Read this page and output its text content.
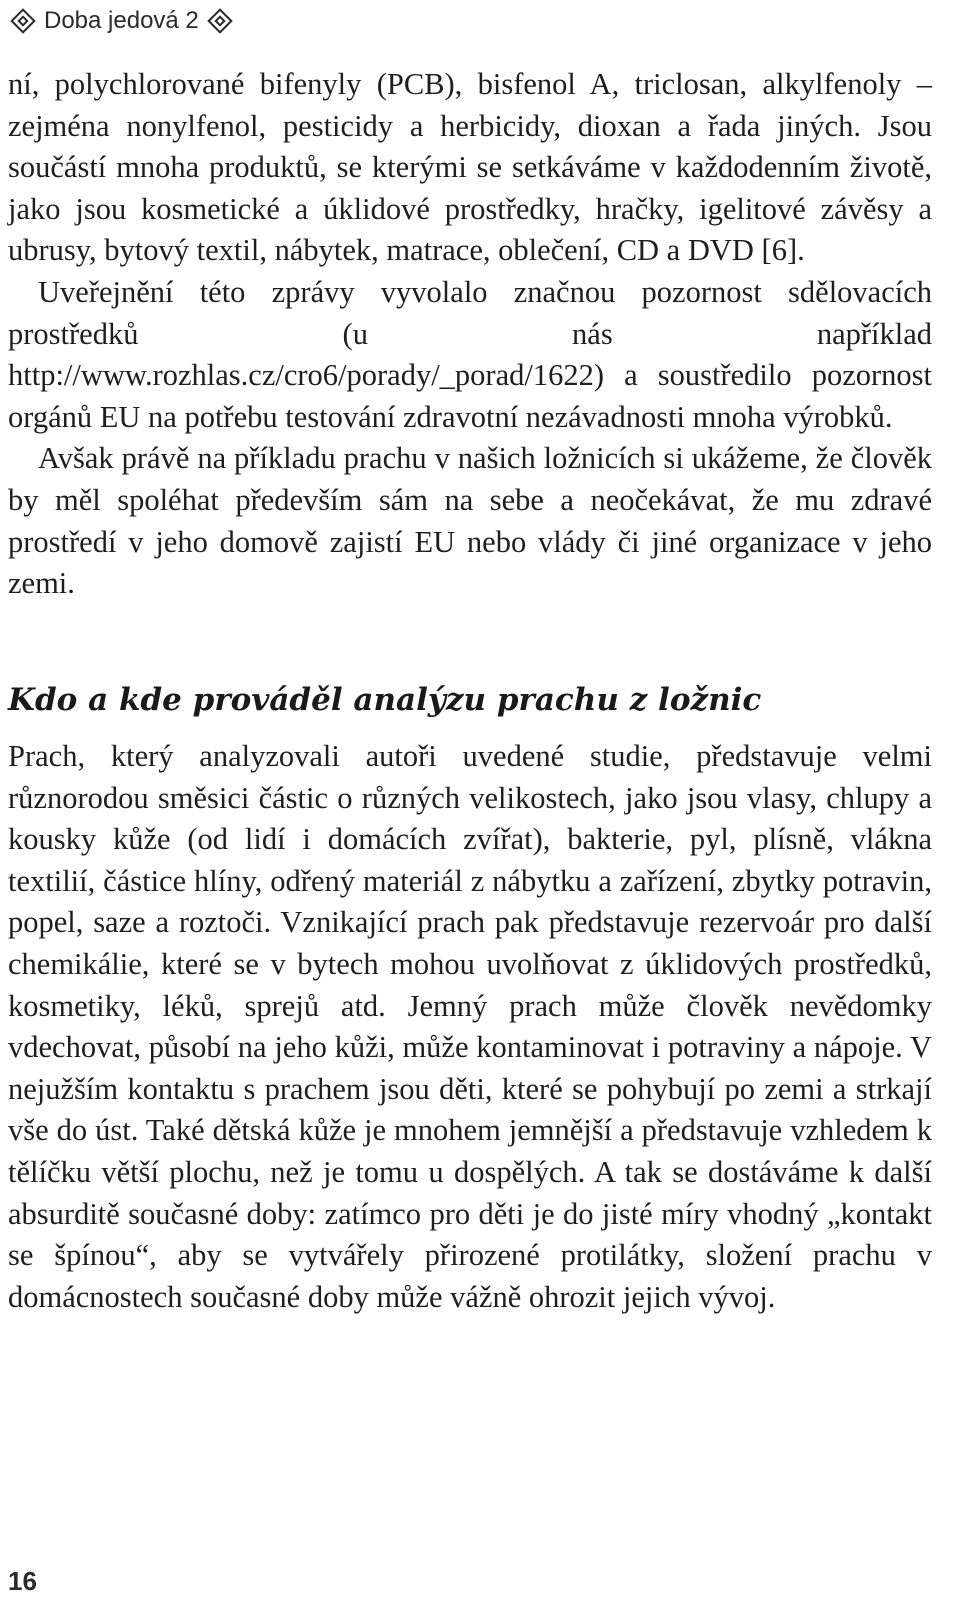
Doba jedová 2

ní, polychlorované bifenyly (PCB), bisfenol A, triclosan, alkylfenoly – zejména nonylfenol, pesticidy a herbicidy, dioxan a řada jiných. Jsou součástí mnoha produktů, se kterými se setkáváme v každodenním životě, jako jsou kosmetické a úklidové prostředky, hračky, igelitové závěsy a ubrusy, bytový textil, nábytek, matrace, oblečení, CD a DVD [6].

Uveřejnění této zprávy vyvolalo značnou pozornost sdělovacích prostředků (u nás například http://www.rozhlas.cz/cro6/porady/_porad/1622) a soustředilo pozornost orgánů EU na potřebu testování zdravotní nezávadnosti mnoha výrobků.

Avšak právě na příkladu prachu v našich ložnicích si ukážeme, že člověk by měl spoléhat především sám na sebe a neočekávat, že mu zdravé prostředí v jeho domově zajistí EU nebo vlády či jiné organizace v jeho zemi.

Kdo a kde prováděl analýzu prachu z ložnic

Prach, který analyzovali autoři uvedené studie, představuje velmi různorodou směsici částic o různých velikostech, jako jsou vlasy, chlupy a kousky kůže (od lidí i domácích zvířat), bakterie, pyl, plísně, vlákna textilií, částice hlíny, odřený materiál z nábytku a zařízení, zbytky potravin, popel, saze a roztoči. Vznikající prach pak představuje rezervoár pro další chemikálie, které se v bytech mohou uvolňovat z úklidových prostředků, kosmetiky, léků, sprejů atd. Jemný prach může člověk nevědomky vdechovat, působí na jeho kůži, může kontaminovat i potraviny a nápoje. V nejužším kontaktu s prachem jsou děti, které se pohybují po zemi a strkají vše do úst. Také dětská kůže je mnohem jemnější a představuje vzhledem k tělíčku větší plochu, než je tomu u dospělých. A tak se dostáváme k další absurditě současné doby: zatímco pro děti je do jisté míry vhodný „kontakt se špínou“, aby se vytvářely přirozené protilátky, složení prachu v domácnostech současné doby může vážně ohrozit jejich vývoj.

16
